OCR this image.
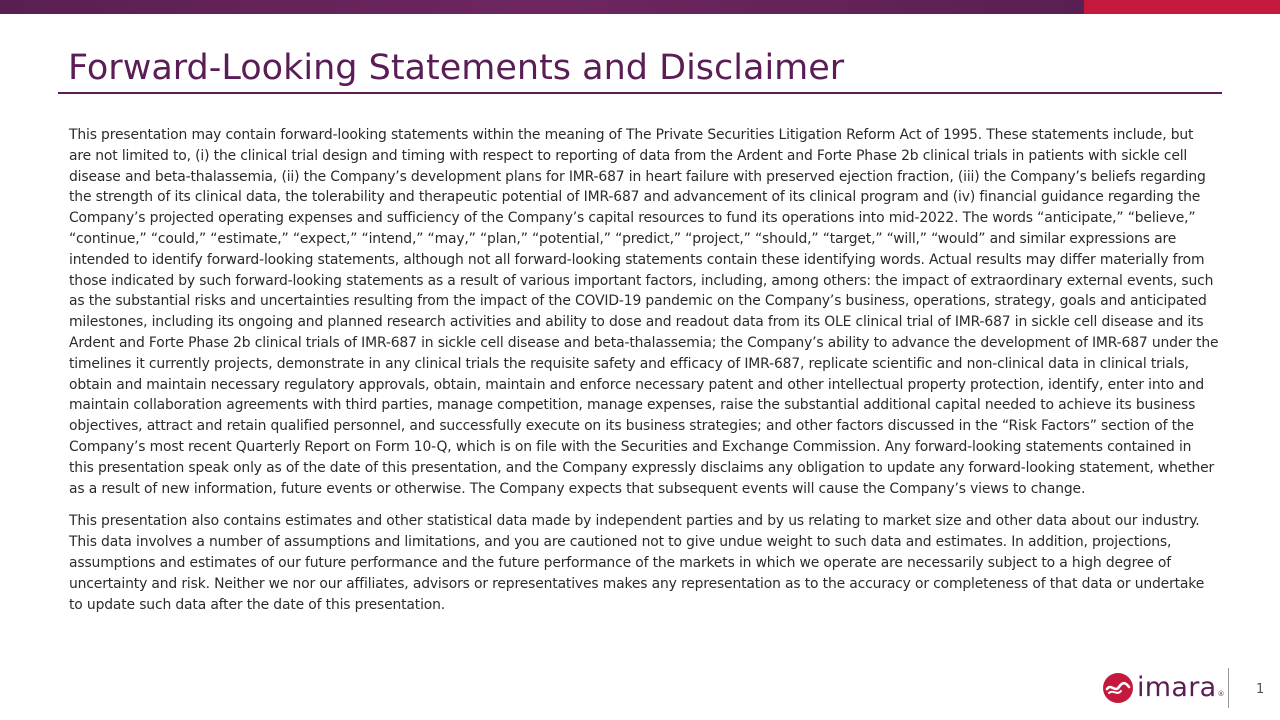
Forward-Looking Statements and Disclaimer

This presentation may contain forward-looking statements within the meaning of The Private Securities Litigation Reform Act of 1995. These statements include, but are not limited to, (i) the clinical trial design and timing with respect to reporting of data from the Ardent and Forte Phase 2b clinical trials in patients with sickle cell disease and beta-thalassemia, (ii) the Company’s development plans for IMR-687 in heart failure with preserved ejection fraction, (iii) the Company’s beliefs regarding the strength of its clinical data, the tolerability and therapeutic potential of IMR-687 and advancement of its clinical program and (iv) financial guidance regarding the Company’s projected operating expenses and sufficiency of the Company’s capital resources to fund its operations into mid-2022. The words “anticipate,” “believe,” “continue,” “could,” “estimate,” “expect,” “intend,” “may,” “plan,” “potential,” “predict,” “project,” “should,” “target,” “will,” “would” and similar expressions are intended to identify forward-looking statements, although not all forward-looking statements contain these identifying words. Actual results may differ materially from those indicated by such forward-looking statements as a result of various important factors, including, among others: the impact of extraordinary external events, such as the substantial risks and uncertainties resulting from the impact of the COVID-19 pandemic on the Company’s business, operations, strategy, goals and anticipated milestones, including its ongoing and planned research activities and ability to dose and readout data from its OLE clinical trial of IMR-687 in sickle cell disease and its Ardent and Forte Phase 2b clinical trials of IMR-687 in sickle cell disease and beta-thalassemia; the Company’s ability to advance the development of IMR-687 under the timelines it currently projects, demonstrate in any clinical trials the requisite safety and efficacy of IMR-687, replicate scientific and non-clinical data in clinical trials, obtain and maintain necessary regulatory approvals, obtain, maintain and enforce necessary patent and other intellectual property protection, identify, enter into and maintain collaboration agreements with third parties, manage competition, manage expenses, raise the substantial additional capital needed to achieve its business objectives, attract and retain qualified personnel, and successfully execute on its business strategies; and other factors discussed in the “Risk Factors” section of the Company’s most recent Quarterly Report on Form 10-Q, which is on file with the Securities and Exchange Commission. Any forward-looking statements contained in this presentation speak only as of the date of this presentation, and the Company expressly disclaims any obligation to update any forward-looking statement, whether as a result of new information, future events or otherwise. The Company expects that subsequent events will cause the Company’s views to change.

This presentation also contains estimates and other statistical data made by independent parties and by us relating to market size and other data about our industry. This data involves a number of assumptions and limitations, and you are cautioned not to give undue weight to such data and estimates. In addition, projections, assumptions and estimates of our future performance and the future performance of the markets in which we operate are necessarily subject to a high degree of uncertainty and risk. Neither we nor our affiliates, advisors or representatives makes any representation as to the accuracy or completeness of that data or undertake to update such data after the date of this presentation.

imara ® 1
